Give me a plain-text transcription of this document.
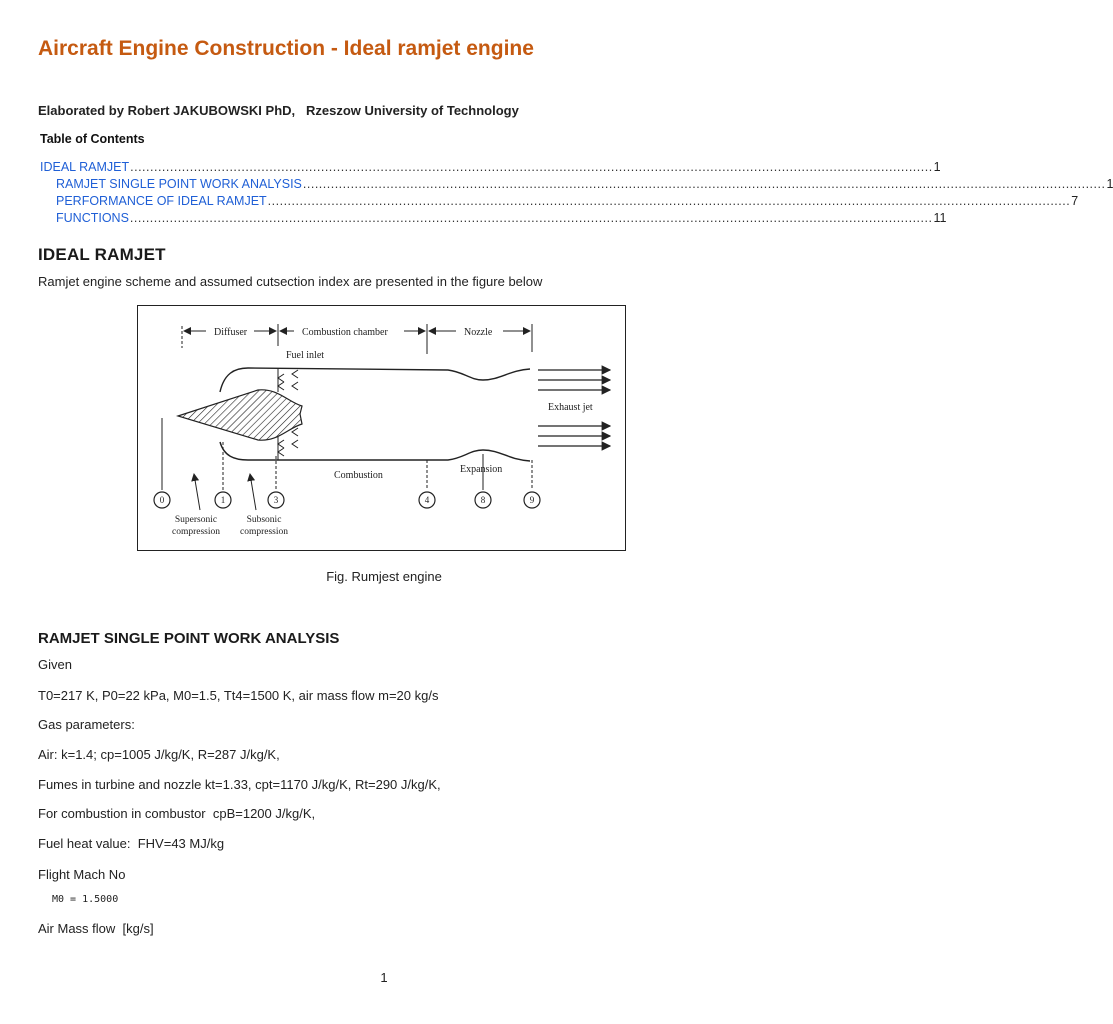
Aircraft Engine Construction - Ideal ramjet engine
Elaborated by Robert JAKUBOWSKI PhD,   Rzeszow University of Technology
Table of Contents
IDEAL RAMJET .......................................................................................................................................................................................................... 1
RAMJET SINGLE POINT WORK ANALYSIS .......................................................................................................................................................................................................... 1
PERFORMANCE OF IDEAL RAMJET .......................................................................................................................................................................................................... 7
FUNCTIONS .......................................................................................................................................................................................................... 11
IDEAL RAMJET
Ramjet engine scheme and assumed cutsection index are presented in the figure below
Diffuser	Combustion chamber	Nozzle
Fuel inlet
Exhaust jet
Combustion
Expansion
0	1	3	4	8	9
Supersonic
compression
Subsonic
compression
Fig. Rumjest engine
RAMJET SINGLE POINT WORK ANALYSIS
Given
T0=217 K, P0=22 kPa, M0=1.5, Tt4=1500 K, air mass flow m=20 kg/s
Gas parameters:
Air: k=1.4; cp=1005 J/kg/K, R=287 J/kg/K,
Fumes in turbine and nozzle kt=1.33, cpt=1170 J/kg/K, Rt=290 J/kg/K,
For combustion in combustor  cpB=1200 J/kg/K,
Fuel heat value:  FHV=43 MJ/kg
Flight Mach No
M0 = 1.5000
Air Mass flow  [kg/s]
1
